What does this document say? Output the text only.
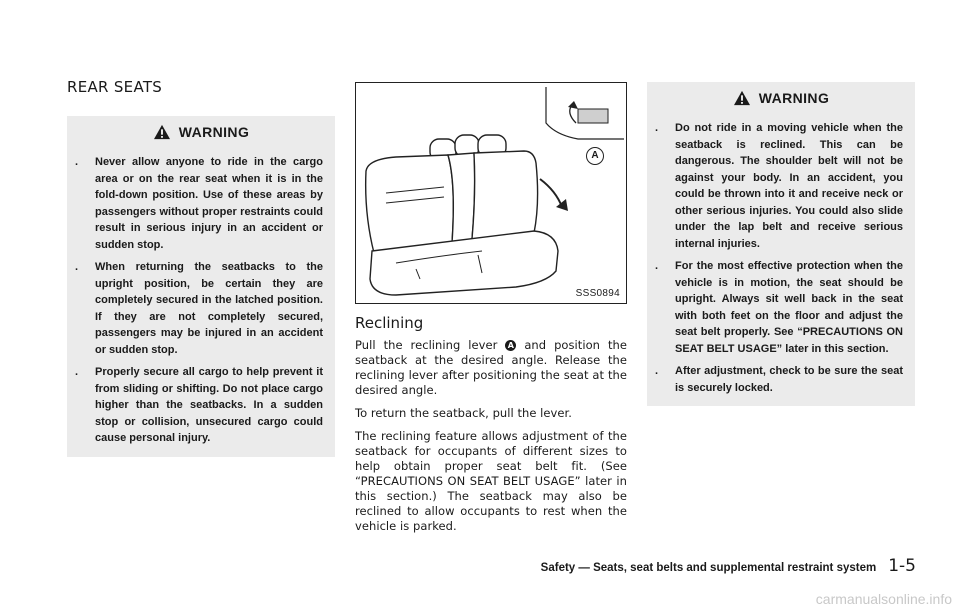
REAR SEATS
WARNING
.	Never allow anyone to ride in the cargo area or on the rear seat when it is in the fold-down position. Use of these areas by passengers without proper restraints could result in serious injury in an accident or sudden stop.
.	When returning the seatbacks to the upright position, be certain they are completely secured in the latched position. If they are not completely secured, passengers may be injured in an accident or sudden stop.
.	Properly secure all cargo to help prevent it from sliding or shifting. Do not place cargo higher than the seatbacks. In a sudden stop or collision, unsecured cargo could cause personal injury.
A
SSS0894
Reclining

Pull the reclining lever A and position the seatback at the desired angle. Release the reclining lever after positioning the seat at the desired angle.

To return the seatback, pull the lever.

The reclining feature allows adjustment of the seatback for occupants of different sizes to help obtain proper seat belt fit. (See “PRECAUTIONS ON SEAT BELT USAGE” later in this section.) The seatback may also be reclined to allow occupants to rest when the vehicle is parked.

WARNING
.	Do not ride in a moving vehicle when the seatback is reclined. This can be dangerous. The shoulder belt will not be against your body. In an accident, you could be thrown into it and receive neck or other serious injuries. You could also slide under the lap belt and receive serious internal injuries.
.	For the most effective protection when the vehicle is in motion, the seat should be upright. Always sit well back in the seat with both feet on the floor and adjust the seat belt properly. See “PRECAUTIONS ON SEAT BELT USAGE” later in this section.
.	After adjustment, check to be sure the seat is securely locked.
Safety — Seats, seat belts and supplemental restraint system 1-5
carmanualsonline.info
